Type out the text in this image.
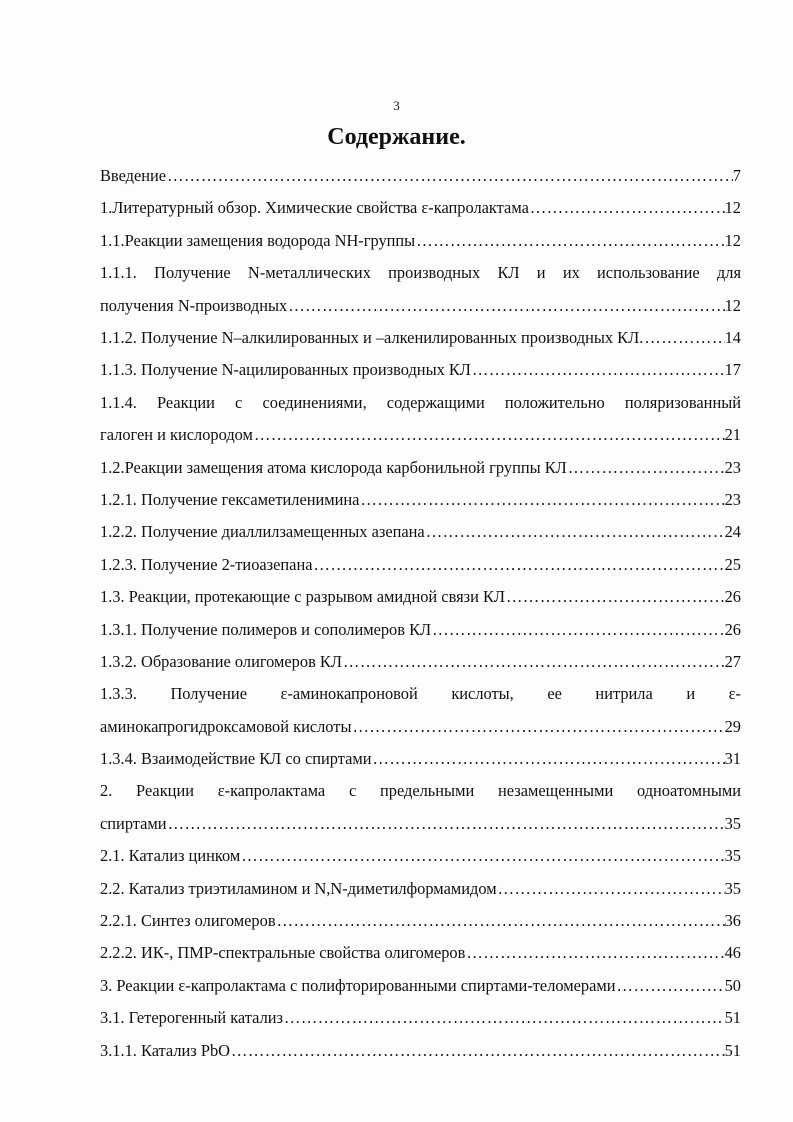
3
Содержание.
Введение …………………………………………………………………………………………………………………………………………………………………………………………………………………………………………	7
1. Литературный обзор. Химические свойства ε-капролактама …………………………………………………………………………………………………………………………………………………………………………………………………………………………………………	12
1.1. Реакции замещения водорода NH-группы …………………………………………………………………………………………………………………………………………………………………………………………………………………………………………	12
1.1.1. Получение N-металлических производных КЛ и их использование для
получения N-производных …………………………………………………………………………………………………………………………………………………………………………………………………………………………………………	12
1.1.2. Получение N–алкилированных и –алкенилированных производных КЛ. …………………………………………………………………………………………………………………………………………………………………………………………………………………………………………	14
1.1.3. Получение N-ацилированных производных КЛ …………………………………………………………………………………………………………………………………………………………………………………………………………………………………………	17
1.1.4. Реакции с соединениями, содержащими положительно поляризованный
галоген и кислородом …………………………………………………………………………………………………………………………………………………………………………………………………………………………………………	21
1.2. Реакции замещения атома кислорода карбонильной группы КЛ …………………………………………………………………………………………………………………………………………………………………………………………………………………………………………	23
1.2.1. Получение гексаметиленимина …………………………………………………………………………………………………………………………………………………………………………………………………………………………………………	23
1.2.2. Получение диаллилзамещенных азепана …………………………………………………………………………………………………………………………………………………………………………………………………………………………………………	24
1.2.3. Получение 2-тиоазепана …………………………………………………………………………………………………………………………………………………………………………………………………………………………………………	25
1.3. Реакции, протекающие с разрывом амидной связи КЛ …………………………………………………………………………………………………………………………………………………………………………………………………………………………………………	26
1.3.1. Получение полимеров и сополимеров КЛ …………………………………………………………………………………………………………………………………………………………………………………………………………………………………………	26
1.3.2. Образование олигомеров КЛ …………………………………………………………………………………………………………………………………………………………………………………………………………………………………………	27
1.3.3. Получение ε-аминокапроновой кислоты, ее нитрила и ε-
аминокапрогидроксамовой кислоты …………………………………………………………………………………………………………………………………………………………………………………………………………………………………………	29
1.3.4. Взаимодействие КЛ со спиртами …………………………………………………………………………………………………………………………………………………………………………………………………………………………………………	31
2. Реакции ε-капролактама с предельными незамещенными одноатомными
спиртами …………………………………………………………………………………………………………………………………………………………………………………………………………………………………………	35
2.1. Катализ цинком …………………………………………………………………………………………………………………………………………………………………………………………………………………………………………	35
2.2. Катализ триэтиламином и N,N-диметилформамидом …………………………………………………………………………………………………………………………………………………………………………………………………………………………………………	35
2.2.1. Синтез олигомеров …………………………………………………………………………………………………………………………………………………………………………………………………………………………………………	36
2.2.2. ИК-, ПМР-спектральные свойства олигомеров …………………………………………………………………………………………………………………………………………………………………………………………………………………………………………	46
3. Реакции ε-капролактама с полифторированными спиртами-теломерами …………………………………………………………………………………………………………………………………………………………………………………………………………………………………………	50
3.1. Гетерогенный катализ …………………………………………………………………………………………………………………………………………………………………………………………………………………………………………	51
3.1.1. Катализ PbO …………………………………………………………………………………………………………………………………………………………………………………………………………………………………………	51
